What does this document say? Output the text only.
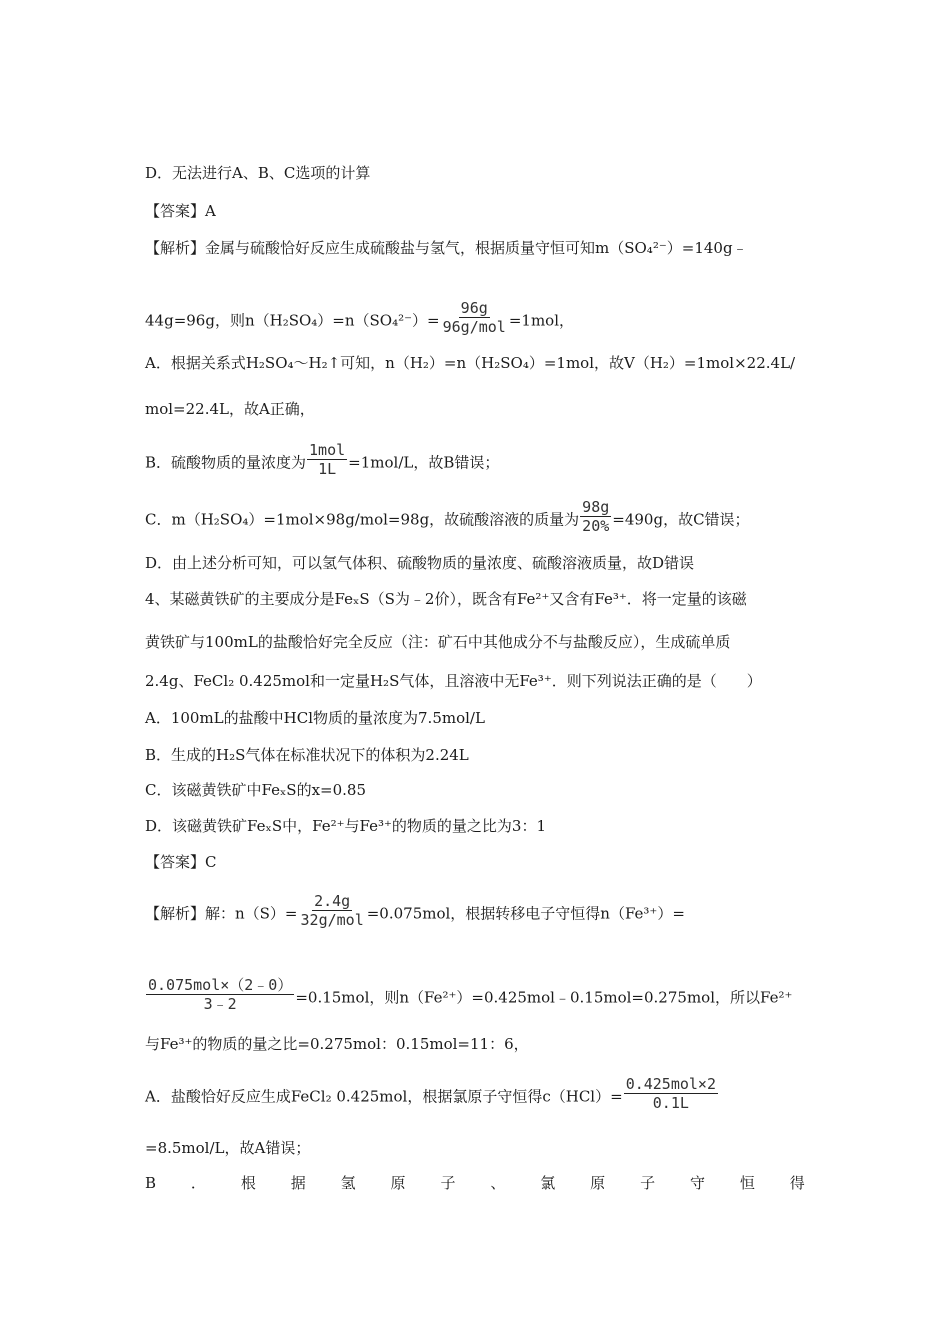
D．无法进行A、B、C选项的计算
【答案】A
【解析】金属与硫酸恰好反应生成硫酸盐与氢气，根据质量守恒可知m（SO₄²⁻）=140g﹣
44g=96g，则$n(H_2SO_4)=n(SO_4^{2-})= \frac{96g}{\text{96g/mol}} =1mol$，
A．根据关系式H₂SO₄～H₂↑可知，n（H₂）=n（H₂SO₄）=1mol，故V（H₂）=1mol×22.4L/
mol=22.4L，故A正确，
B．硫酸物质的量浓度为 $\frac{\text{1mol}}{1L} =1mol/L$，故B错误；
C．m（H₂SO₄）=1mol×98g/mol=98g，故硫酸溶液的质量为 $\frac{98g}{20\%} =490g$，故C错误；
D．由上述分析可知，可以氢气体积、硫酸物质的量浓度、硫酸溶液质量，故D错误
4、某磁黄铁矿的主要成分是FeₓS（S为﹣2价），既含有Fe²⁺又含有Fe³⁺．将一定量的该磁
黄铁矿与100mL的盐酸恰好完全反应（注：矿石中其他成分不与盐酸反应），生成硫单质
2.4g、FeCl₂ 0.425mol和一定量H₂S气体，且溶液中无Fe³⁺．则下列说法正确的是（　　）
A．100mL的盐酸中HCl物质的量浓度为7.5mol/L
B．生成的H₂S气体在标准状况下的体积为2.24L
C．该磁黄铁矿中FeₓS的x=0.85
D．该磁黄铁矿FeₓS中，Fe²⁺与Fe³⁺的物质的量之比为3：1
【答案】C
【解析】解：$n(S)= \frac{2.4g}{\text{32g/mol}} =0.075mol$，根据转移电子守恒得n（Fe³⁺）=
$\frac{\text{0.075mol×（2﹣0）}}{3﹣2} =0.15mol$，则n（Fe²⁺）=0.425mol﹣0.15mol=0.275mol，所以Fe²⁺
与Fe³⁺的物质的量之比=0.275mol：0.15mol=11：6，
A．盐酸恰好反应生成FeCl₂ 0.425mol，根据氯原子守恒得$c(HCl)= \frac{\text{0.425mol×2}}{0.1L}$
=8.5mol/L，故A错误；
B ． 根 据 氢 原 子 、 氯 原 子 守 恒 得
